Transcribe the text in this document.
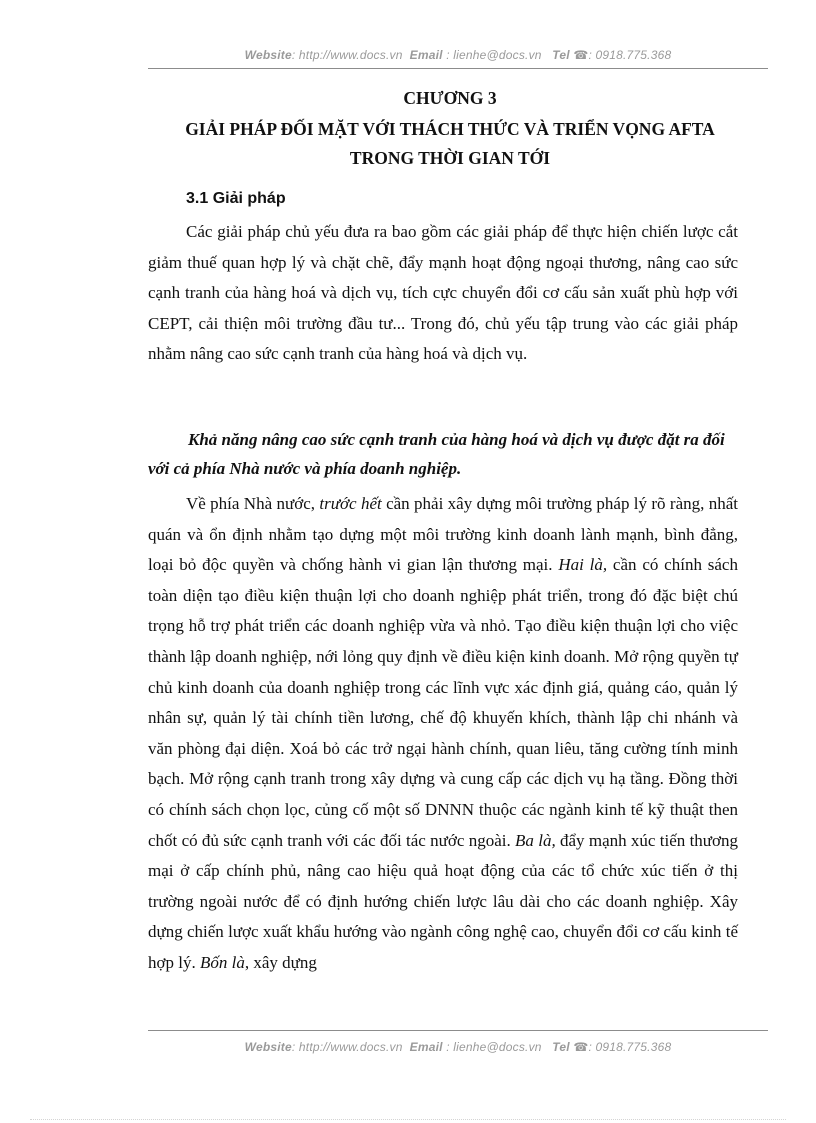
Website: http://www.docs.vn Email : lienhe@docs.vn Tel ☎: 0918.775.368
CHƯƠNG 3
GIẢI PHÁP ĐỐI MẶT VỚI THÁCH THỨC VÀ TRIỂN VỌNG AFTA
TRONG THỜI GIAN TỚI
3.1 Giải pháp

Các giải pháp chủ yếu đưa ra bao gồm các giải pháp để thực hiện chiến lược cắt giảm thuế quan hợp lý và chặt chẽ, đẩy mạnh hoạt động ngoại thương, nâng cao sức cạnh tranh của hàng hoá và dịch vụ, tích cực chuyển đổi cơ cấu sản xuất phù hợp với CEPT, cải thiện môi trường đầu tư... Trong đó, chủ yếu tập trung vào các giải pháp nhằm nâng cao sức cạnh tranh của hàng hoá và dịch vụ.

Khả năng nâng cao sức cạnh tranh của hàng hoá và dịch vụ được đặt ra đối với cả phía Nhà nước và phía doanh nghiệp.

Về phía Nhà nước, trước hết cần phải xây dựng môi trường pháp lý rõ ràng, nhất quán và ổn định nhằm tạo dựng một môi trường kinh doanh lành mạnh, bình đẳng, loại bỏ độc quyền và chống hành vi gian lận thương mại. Hai là, cần có chính sách toàn diện tạo điều kiện thuận lợi cho doanh nghiệp phát triển, trong đó đặc biệt chú trọng hỗ trợ phát triển các doanh nghiệp vừa và nhỏ. Tạo điều kiện thuận lợi cho việc thành lập doanh nghiệp, nới lỏng quy định về điều kiện kinh doanh. Mở rộng quyền tự chủ kinh doanh của doanh nghiệp trong các lĩnh vực xác định giá, quảng cáo, quản lý nhân sự, quản lý tài chính tiền lương, chế độ khuyến khích, thành lập chi nhánh và văn phòng đại diện. Xoá bỏ các trở ngại hành chính, quan liêu, tăng cường tính minh bạch. Mở rộng cạnh tranh trong xây dựng và cung cấp các dịch vụ hạ tầng. Đồng thời có chính sách chọn lọc, củng cố một số DNNN thuộc các ngành kinh tế kỹ thuật then chốt có đủ sức cạnh tranh với các đối tác nước ngoài. Ba là, đẩy mạnh xúc tiến thương mại ở cấp chính phủ, nâng cao hiệu quả hoạt động của các tổ chức xúc tiến ở thị trường ngoài nước để có định hướng chiến lược lâu dài cho các doanh nghiệp. Xây dựng chiến lược xuất khẩu hướng vào ngành công nghệ cao, chuyển đổi cơ cấu kinh tế hợp lý. Bốn là, xây dựng

Website: http://www.docs.vn Email : lienhe@docs.vn Tel ☎: 0918.775.368
